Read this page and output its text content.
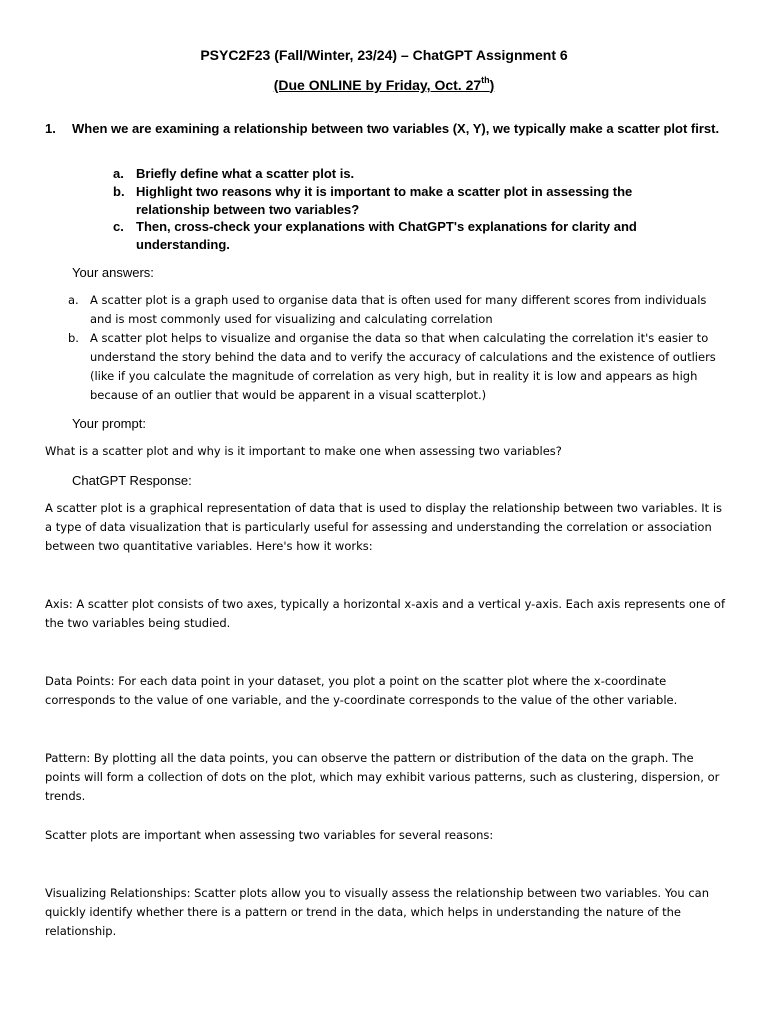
PSYC2F23 (Fall/Winter, 23/24) – ChatGPT Assignment 6
(Due ONLINE by Friday, Oct. 27th)
1. When we are examining a relationship between two variables (X, Y), we typically make a scatter plot first.
a. Briefly define what a scatter plot is.
b. Highlight two reasons why it is important to make a scatter plot in assessing the relationship between two variables?
c. Then, cross-check your explanations with ChatGPT's explanations for clarity and understanding.
Your answers:
a. A scatter plot is a graph used to organise data that is often used for many different scores from individuals and is most commonly used for visualizing and calculating correlation
b. A scatter plot helps to visualize and organise the data so that when calculating the correlation it's easier to understand the story behind the data and to verify the accuracy of calculations and the existence of outliers (like if you calculate the magnitude of correlation as very high, but in reality it is low and appears as high because of an outlier that would be apparent in a visual scatterplot.)
Your prompt:
What is a scatter plot and why is it important to make one when assessing two variables?
ChatGPT Response:
A scatter plot is a graphical representation of data that is used to display the relationship between two variables. It is a type of data visualization that is particularly useful for assessing and understanding the correlation or association between two quantitative variables. Here's how it works:
Axis: A scatter plot consists of two axes, typically a horizontal x-axis and a vertical y-axis. Each axis represents one of the two variables being studied.
Data Points: For each data point in your dataset, you plot a point on the scatter plot where the x-coordinate corresponds to the value of one variable, and the y-coordinate corresponds to the value of the other variable.
Pattern: By plotting all the data points, you can observe the pattern or distribution of the data on the graph. The points will form a collection of dots on the plot, which may exhibit various patterns, such as clustering, dispersion, or trends.
Scatter plots are important when assessing two variables for several reasons:
Visualizing Relationships: Scatter plots allow you to visually assess the relationship between two variables. You can quickly identify whether there is a pattern or trend in the data, which helps in understanding the nature of the relationship.
